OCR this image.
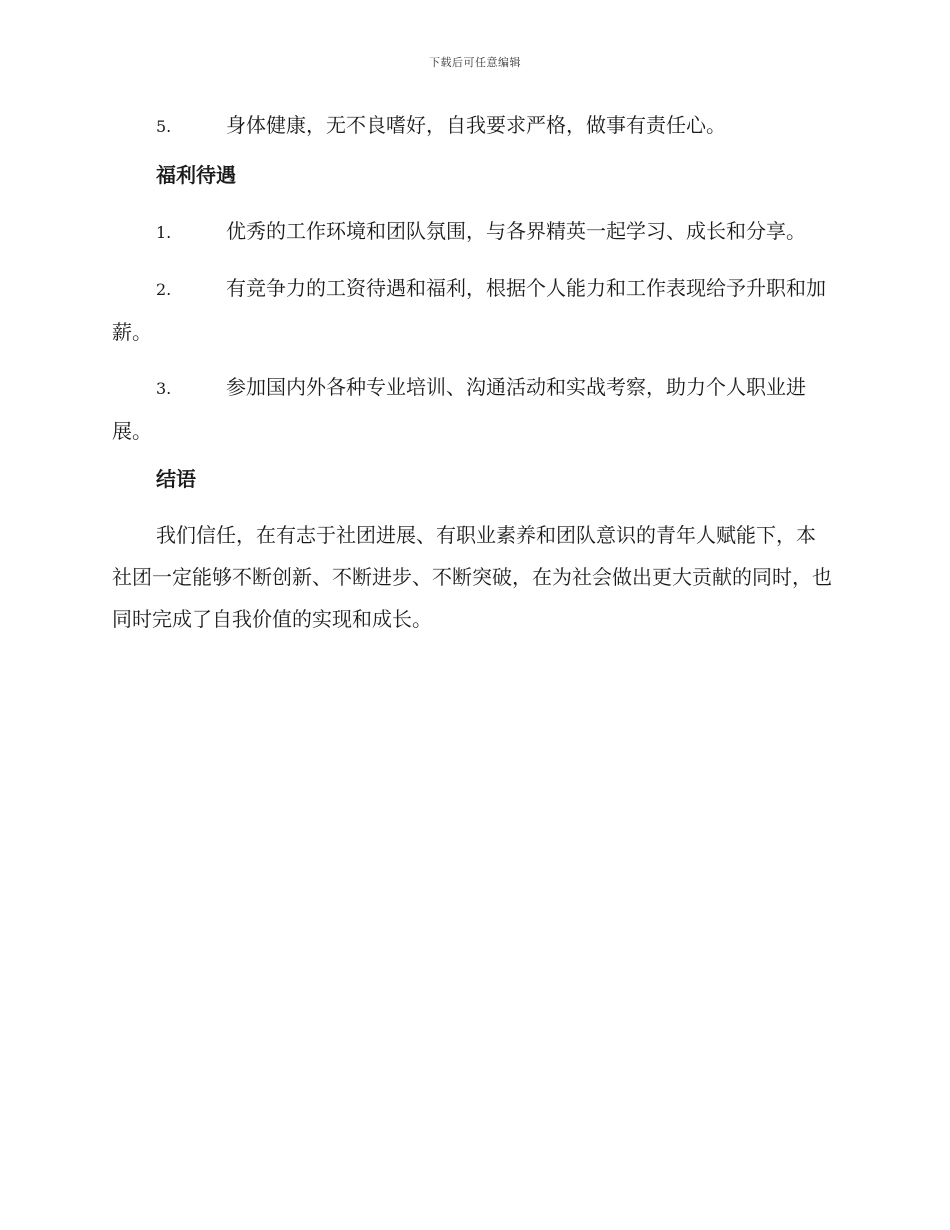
下载后可任意编辑

5.	身体健康，无不良嗜好，自我要求严格，做事有责任心。

福利待遇

1.	优秀的工作环境和团队氛围，与各界精英一起学习、成长和分享。

2.	有竞争力的工资待遇和福利，根据个人能力和工作表现给予升职和加薪。

3.	参加国内外各种专业培训、沟通活动和实战考察，助力个人职业进展。

结语

我们信任，在有志于社团进展、有职业素养和团队意识的青年人赋能下，本社团一定能够不断创新、不断进步、不断突破，在为社会做出更大贡献的同时，也同时完成了自我价值的实现和成长。
